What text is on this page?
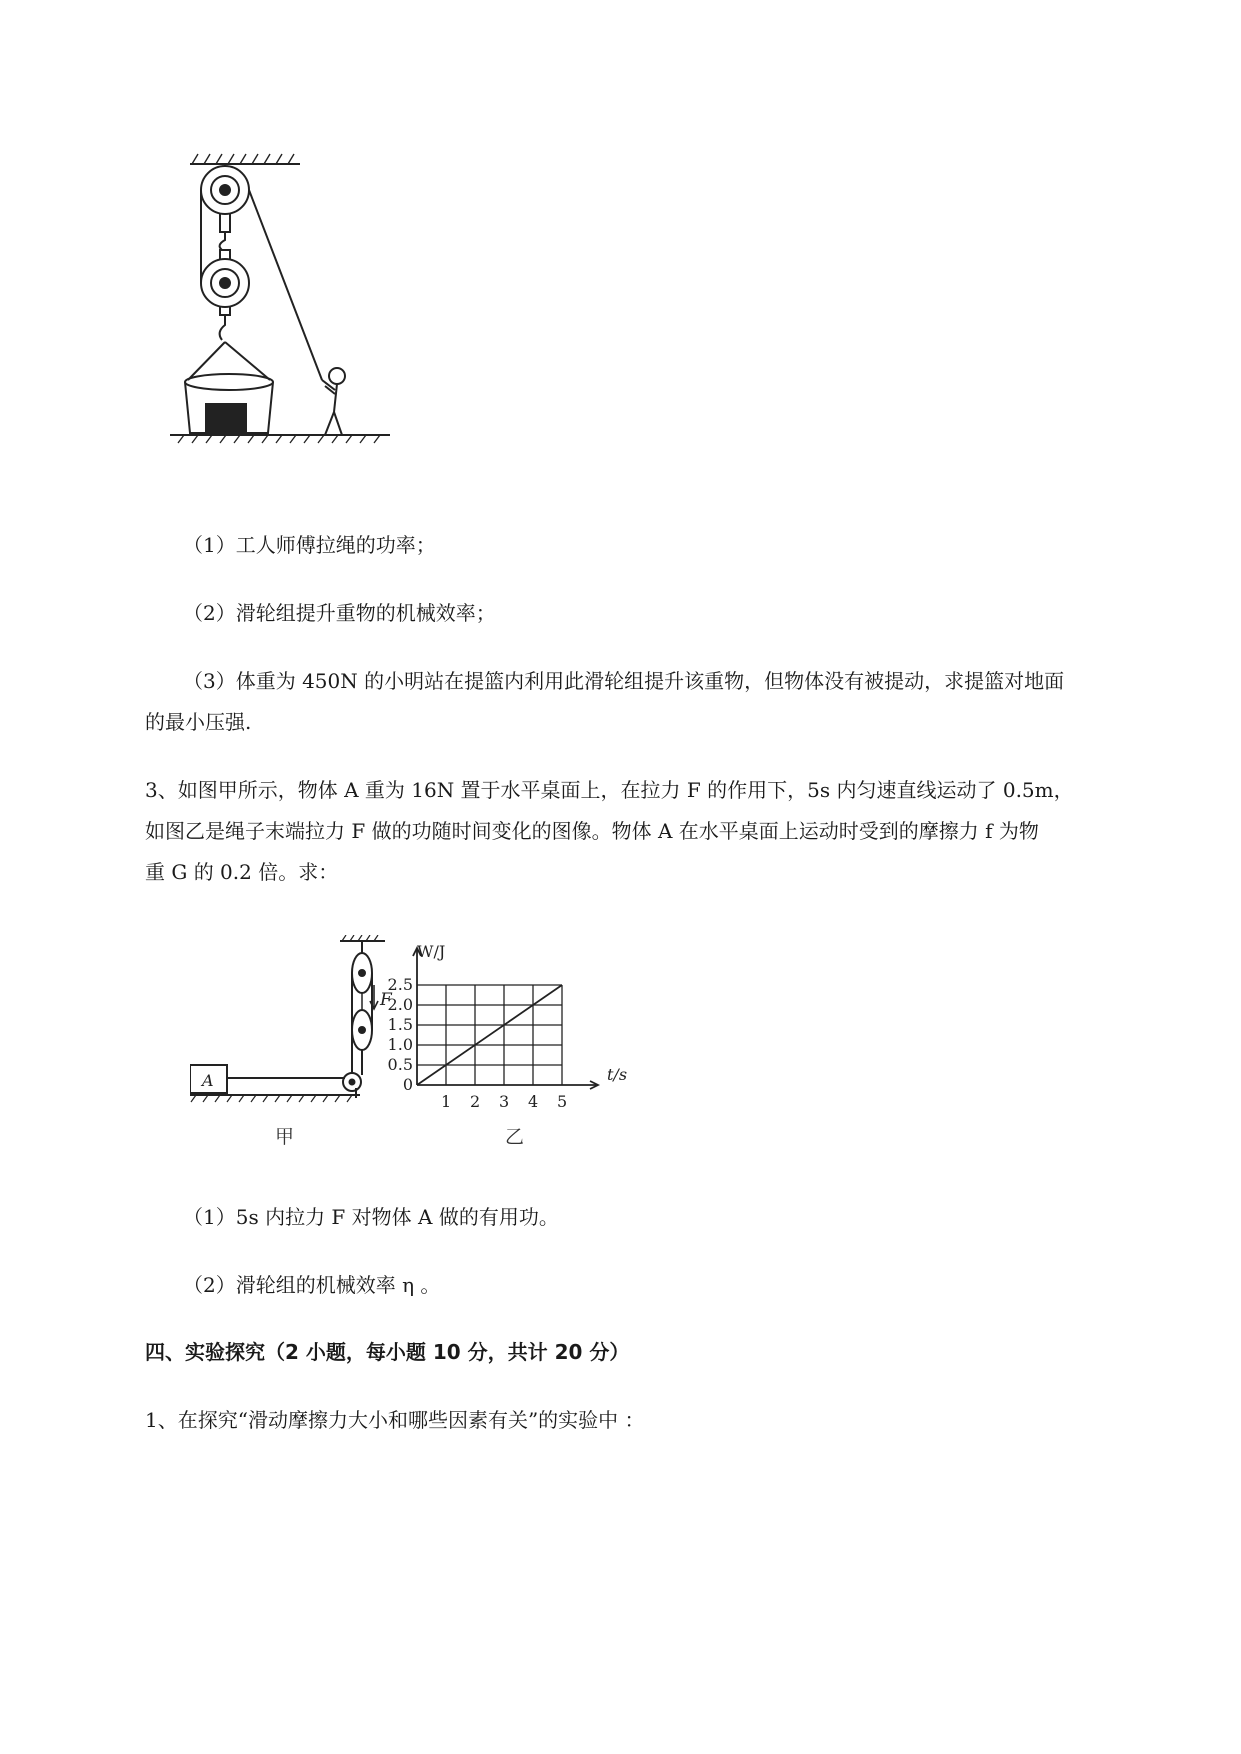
（1）工人师傅拉绳的功率；

（2）滑轮组提升重物的机械效率；

（3）体重为 450N 的小明站在提篮内利用此滑轮组提升该重物，但物体没有被提动，求提篮对地面

的最小压强.

3、如图甲所示，物体 A 重为 16N 置于水平桌面上，在拉力 F 的作用下，5s 内匀速直线运动了 0.5m，

如图乙是绳子末端拉力 F 做的功随时间变化的图像。物体 A 在水平桌面上运动时受到的摩擦力 f 为物

重 G 的 0.2 倍。求：

A
F
甲
1 2 3 4 5
0
0.5
1.0
1.5
2.0
2.5
W/J
t/s
乙

（1）5s 内拉力 F 对物体 A 做的有用功。

（2）滑轮组的机械效率 η 。

四、实验探究（2 小题，每小题 10 分，共计 20 分）

1、在探究“滑动摩擦力大小和哪些因素有关”的实验中 ：
